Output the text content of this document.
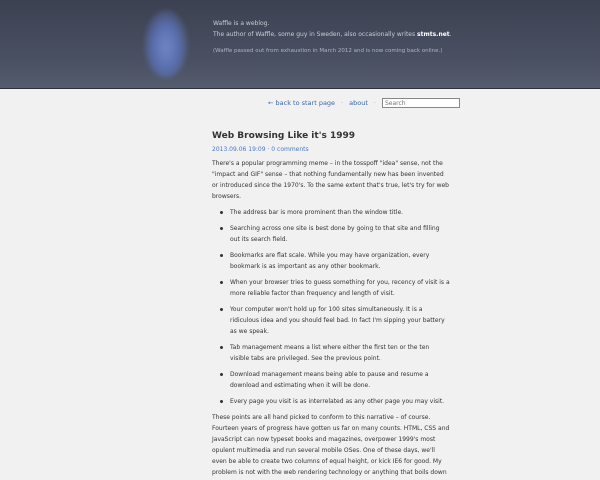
Waffle is a weblog.
The author of Waffle, some guy in Sweden, also occasionally writes stmts.net.
(Waffle passed out from exhaustion in March 2012 and is now coming back online.)
← back to start page · about ·
Search
Web Browsing Like it's 1999
2013.09.06 19:09 · 0 comments

There's a popular programming meme – in the tosspoff "idea" sense, not the "impact and GIF" sense – that nothing fundamentally new has been invented or introduced since the 1970's. To the same extent that's true, let's try for web browsers.

The address bar is more prominent than the window title.
Searching across one site is best done by going to that site and filling out its search field.
Bookmarks are flat scale. While you may have organization, every bookmark is as important as any other bookmark.
When your browser tries to guess something for you, recency of visit is a more reliable factor than frequency and length of visit.
Your computer won't hold up for 100 sites simultaneously. It is a ridiculous idea and you should feel bad. In fact I'm sipping your battery as we speak.
Tab management means a list where either the first ten or the ten visible tabs are privileged. See the previous point.
Download management means being able to pause and resume a download and estimating when it will be done.
Every page you visit is as interrelated as any other page you may visit.

These points are all hand picked to conform to this narrative – of course. Fourteen years of progress have gotten us far on many counts. HTML, CSS and JavaScript can now typeset books and magazines, overpower 1999's most opulent multimedia and run several mobile OSes. One of these days, we'll even be able to create two columns of equal height, or kick IE6 for good. My problem is not with the web rendering technology or anything that boils down
